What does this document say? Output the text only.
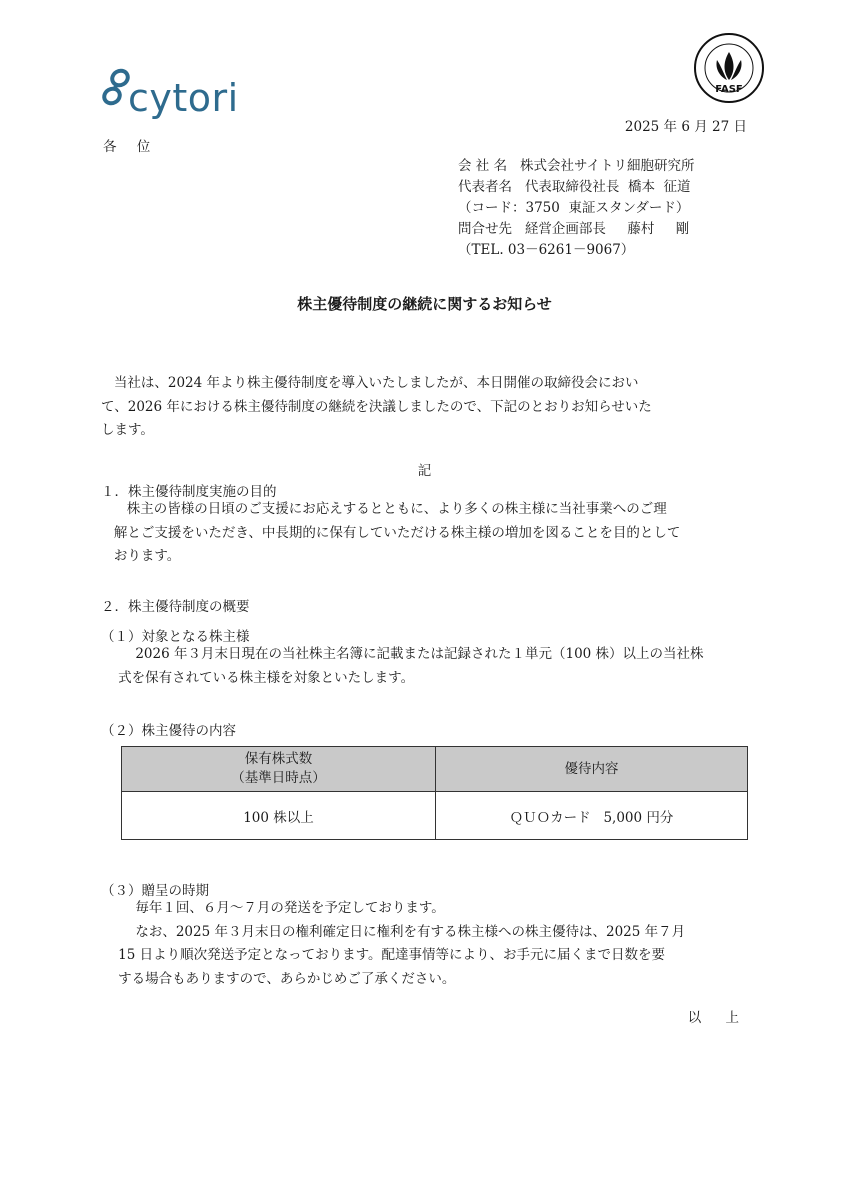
cytori	FASF
2025 年 6 月 27 日
各 位
会 社 名   株式会社サイトリ細胞研究所
代表者名   代表取締役社長  橋本  征道
（コード：3750  東証スタンダード）
問合せ先   経営企画部長     藤村     剛
（TEL. 03－6261－9067）
株主優待制度の継続に関するお知らせ
当社は、2024 年より株主優待制度を導入いたしましたが、本日開催の取締役会におい
て、2026 年における株主優待制度の継続を決議しましたので、下記のとおりお知らせいた
します。
記
１．株主優待制度実施の目的
株主の皆様の日頃のご支援にお応えするとともに、より多くの株主様に当社事業へのご理
解とご支援をいただき、中長期的に保有していただける株主様の増加を図ることを目的として
おります。
２．株主優待制度の概要
（１）対象となる株主様
2026 年３月末日現在の当社株主名簿に記載または記録された１単元（100 株）以上の当社株
式を保有されている株主様を対象といたします。
（２）株主優待の内容
保有株式数
（基準日時点）	優待内容
100 株以上	ＱＵＯカード   5,000 円分
（３）贈呈の時期
毎年１回、６月～７月の発送を予定しております。
なお、2025 年３月末日の権利確定日に権利を有する株主様への株主優待は、2025 年７月
15 日より順次発送予定となっております。配達事情等により、お手元に届くまで日数を要
する場合もありますので、あらかじめご了承ください。
以 上
